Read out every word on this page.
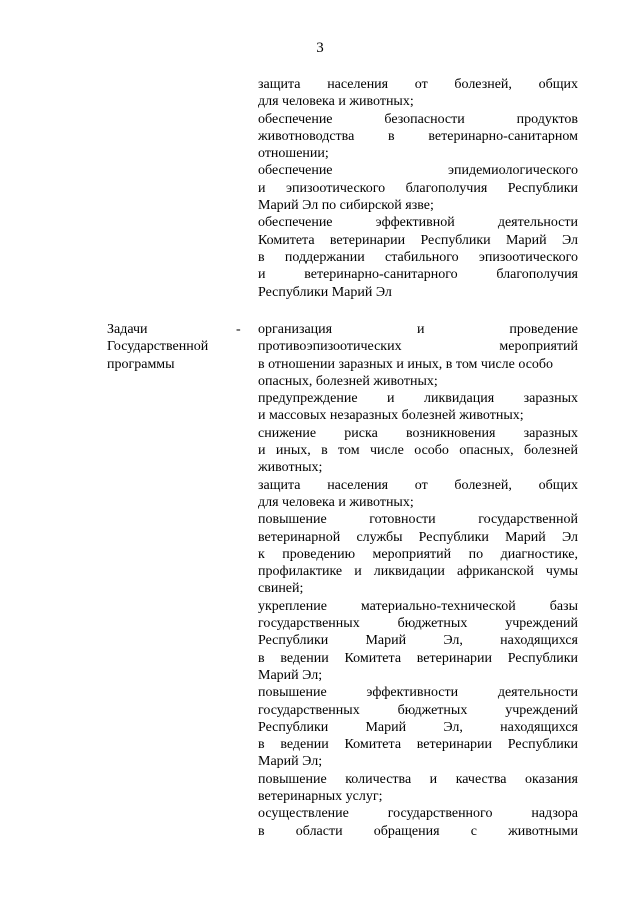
3
защита населения от болезней, общих
для человека и животных;
обеспечение безопасности продуктов
животноводства в ветеринарно-санитарном
отношении;
обеспечение эпидемиологического
и эпизоотического благополучия Республики
Марий Эл по сибирской язве;
обеспечение эффективной деятельности
Комитета ветеринарии Республики Марий Эл
в поддержании стабильного эпизоотического
и ветеринарно-санитарного благополучия
Республики Марий Эл
Задачи
Государственной
программы
- организация и проведение
противоэпизоотических мероприятий
в отношении заразных и иных, в том числе особо
опасных, болезней животных;
предупреждение и ликвидация заразных
и массовых незаразных болезней животных;
снижение риска возникновения заразных
и иных, в том числе особо опасных, болезней
животных;
защита населения от болезней, общих
для человека и животных;
повышение готовности государственной
ветеринарной службы Республики Марий Эл
к проведению мероприятий по диагностике,
профилактике и ликвидации африканской чумы
свиней;
укрепление материально-технической базы
государственных бюджетных учреждений
Республики Марий Эл, находящихся
в ведении Комитета ветеринарии Республики
Марий Эл;
повышение эффективности деятельности
государственных бюджетных учреждений
Республики Марий Эл, находящихся
в ведении Комитета ветеринарии Республики
Марий Эл;
повышение количества и качества оказания
ветеринарных услуг;
осуществление государственного надзора
в области обращения с животными
